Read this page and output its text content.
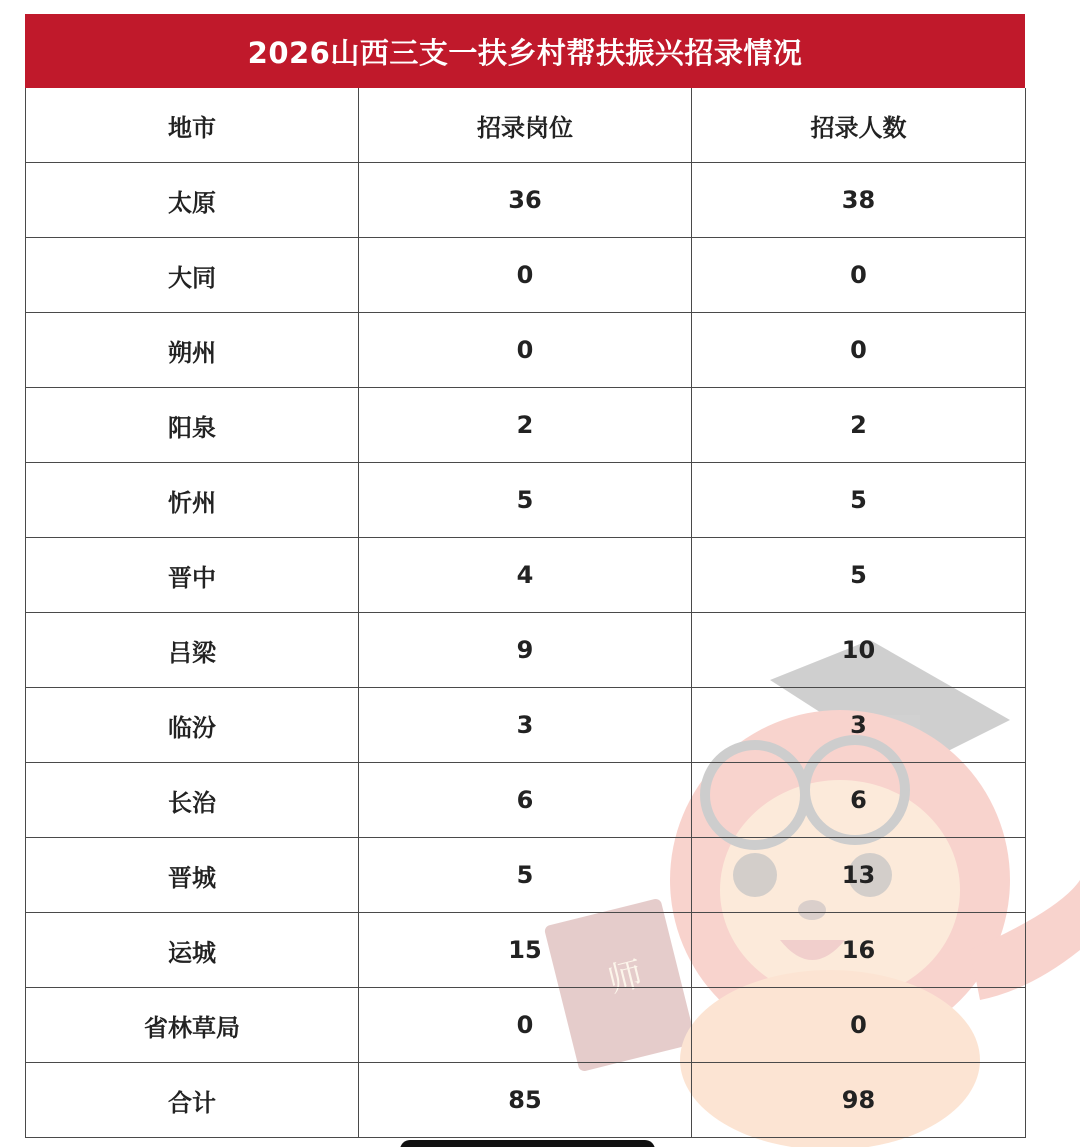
师
2026山西三支一扶乡村帮扶振兴招录情况
地市	招录岗位	招录人数
太原	36	38
大同	0	0
朔州	0	0
阳泉	2	2
忻州	5	5
晋中	4	5
吕梁	9	10
临汾	3	3
长治	6	6
晋城	5	13
运城	15	16
省林草局	0	0
合计	85	98
